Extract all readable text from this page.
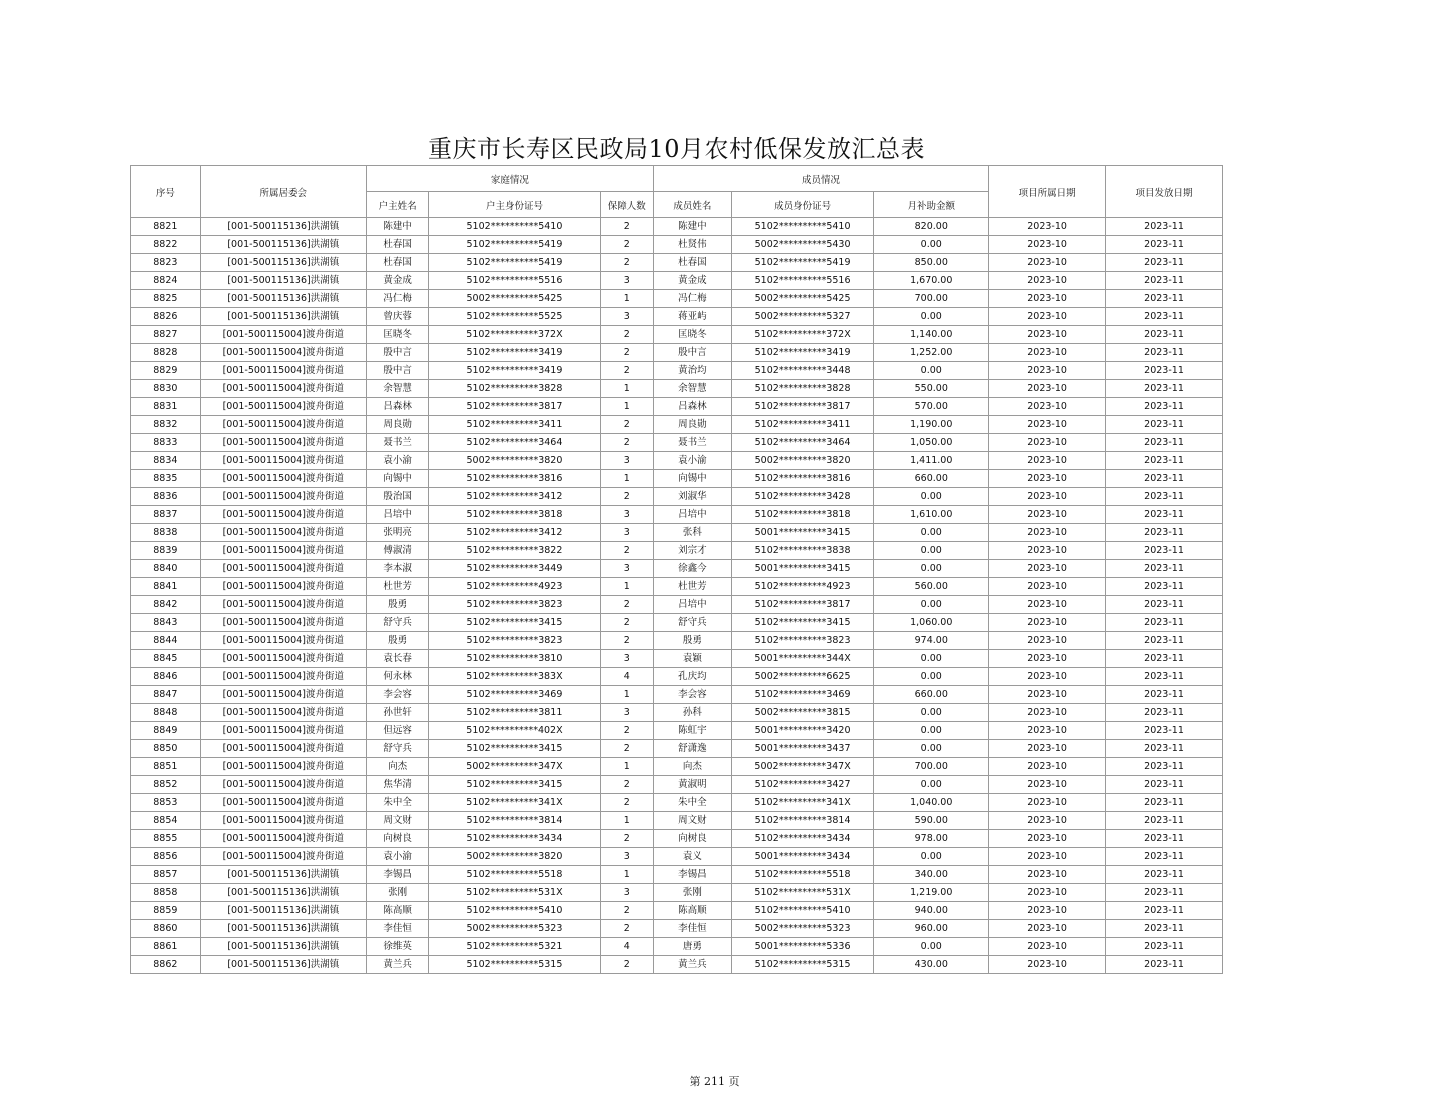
重庆市长寿区民政局10月农村低保发放汇总表
序号	所属居委会	家庭情况			成员情况			项目所属日期	项目发放日期
		户主姓名	户主身份证号	保障人数	成员姓名	成员身份证号	月补助金额		
8821	[001-500115136]洪湖镇	陈建中	5102**********5410	2	陈建中	5102**********5410	820.00	2023-10	2023-11
8822	[001-500115136]洪湖镇	杜春国	5102**********5419	2	杜贤伟	5002**********5430	0.00	2023-10	2023-11
8823	[001-500115136]洪湖镇	杜春国	5102**********5419	2	杜春国	5102**********5419	850.00	2023-10	2023-11
8824	[001-500115136]洪湖镇	黄金成	5102**********5516	3	黄金成	5102**********5516	1,670.00	2023-10	2023-11
8825	[001-500115136]洪湖镇	冯仁梅	5002**********5425	1	冯仁梅	5002**********5425	700.00	2023-10	2023-11
8826	[001-500115136]洪湖镇	曾庆蓉	5102**********5525	3	蒋亚屿	5002**********5327	0.00	2023-10	2023-11
8827	[001-500115004]渡舟街道	匡晓冬	5102**********372X	2	匡晓冬	5102**********372X	1,140.00	2023-10	2023-11
8828	[001-500115004]渡舟街道	殷中言	5102**********3419	2	殷中言	5102**********3419	1,252.00	2023-10	2023-11
8829	[001-500115004]渡舟街道	殷中言	5102**********3419	2	黄治均	5102**********3448	0.00	2023-10	2023-11
8830	[001-500115004]渡舟街道	余智慧	5102**********3828	1	余智慧	5102**********3828	550.00	2023-10	2023-11
8831	[001-500115004]渡舟街道	吕森林	5102**********3817	1	吕森林	5102**********3817	570.00	2023-10	2023-11
8832	[001-500115004]渡舟街道	周良勋	5102**********3411	2	周良勋	5102**********3411	1,190.00	2023-10	2023-11
8833	[001-500115004]渡舟街道	聂书兰	5102**********3464	2	聂书兰	5102**********3464	1,050.00	2023-10	2023-11
8834	[001-500115004]渡舟街道	袁小渝	5002**********3820	3	袁小渝	5002**********3820	1,411.00	2023-10	2023-11
8835	[001-500115004]渡舟街道	向锡中	5102**********3816	1	向锡中	5102**********3816	660.00	2023-10	2023-11
8836	[001-500115004]渡舟街道	殷治国	5102**********3412	2	刘淑华	5102**********3428	0.00	2023-10	2023-11
8837	[001-500115004]渡舟街道	吕培中	5102**********3818	3	吕培中	5102**********3818	1,610.00	2023-10	2023-11
8838	[001-500115004]渡舟街道	张明亮	5102**********3412	3	张科	5001**********3415	0.00	2023-10	2023-11
8839	[001-500115004]渡舟街道	傅淑清	5102**********3822	2	刘宗才	5102**********3838	0.00	2023-10	2023-11
8840	[001-500115004]渡舟街道	李本淑	5102**********3449	3	徐鑫今	5001**********3415	0.00	2023-10	2023-11
8841	[001-500115004]渡舟街道	杜世芳	5102**********4923	1	杜世芳	5102**********4923	560.00	2023-10	2023-11
8842	[001-500115004]渡舟街道	殷勇	5102**********3823	2	吕培中	5102**********3817	0.00	2023-10	2023-11
8843	[001-500115004]渡舟街道	舒守兵	5102**********3415	2	舒守兵	5102**********3415	1,060.00	2023-10	2023-11
8844	[001-500115004]渡舟街道	殷勇	5102**********3823	2	殷勇	5102**********3823	974.00	2023-10	2023-11
8845	[001-500115004]渡舟街道	袁长春	5102**********3810	3	袁颖	5001**********344X	0.00	2023-10	2023-11
8846	[001-500115004]渡舟街道	何永林	5102**********383X	4	孔庆均	5002**********6625	0.00	2023-10	2023-11
8847	[001-500115004]渡舟街道	李会容	5102**********3469	1	李会容	5102**********3469	660.00	2023-10	2023-11
8848	[001-500115004]渡舟街道	孙世轩	5102**********3811	3	孙科	5002**********3815	0.00	2023-10	2023-11
8849	[001-500115004]渡舟街道	但远容	5102**********402X	2	陈虹宇	5001**********3420	0.00	2023-10	2023-11
8850	[001-500115004]渡舟街道	舒守兵	5102**********3415	2	舒潇逸	5001**********3437	0.00	2023-10	2023-11
8851	[001-500115004]渡舟街道	向杰	5002**********347X	1	向杰	5002**********347X	700.00	2023-10	2023-11
8852	[001-500115004]渡舟街道	焦华清	5102**********3415	2	黄淑明	5102**********3427	0.00	2023-10	2023-11
8853	[001-500115004]渡舟街道	朱中全	5102**********341X	2	朱中全	5102**********341X	1,040.00	2023-10	2023-11
8854	[001-500115004]渡舟街道	周文财	5102**********3814	1	周文财	5102**********3814	590.00	2023-10	2023-11
8855	[001-500115004]渡舟街道	向树良	5102**********3434	2	向树良	5102**********3434	978.00	2023-10	2023-11
8856	[001-500115004]渡舟街道	袁小渝	5002**********3820	3	袁义	5001**********3434	0.00	2023-10	2023-11
8857	[001-500115136]洪湖镇	李锡昌	5102**********5518	1	李锡昌	5102**********5518	340.00	2023-10	2023-11
8858	[001-500115136]洪湖镇	张刚	5102**********531X	3	张刚	5102**********531X	1,219.00	2023-10	2023-11
8859	[001-500115136]洪湖镇	陈高顺	5102**********5410	2	陈高顺	5102**********5410	940.00	2023-10	2023-11
8860	[001-500115136]洪湖镇	李佳恒	5002**********5323	2	李佳恒	5002**********5323	960.00	2023-10	2023-11
8861	[001-500115136]洪湖镇	徐维英	5102**********5321	4	唐勇	5001**********5336	0.00	2023-10	2023-11
8862	[001-500115136]洪湖镇	黄兰兵	5102**********5315	2	黄兰兵	5102**********5315	430.00	2023-10	2023-11
第 211 页
